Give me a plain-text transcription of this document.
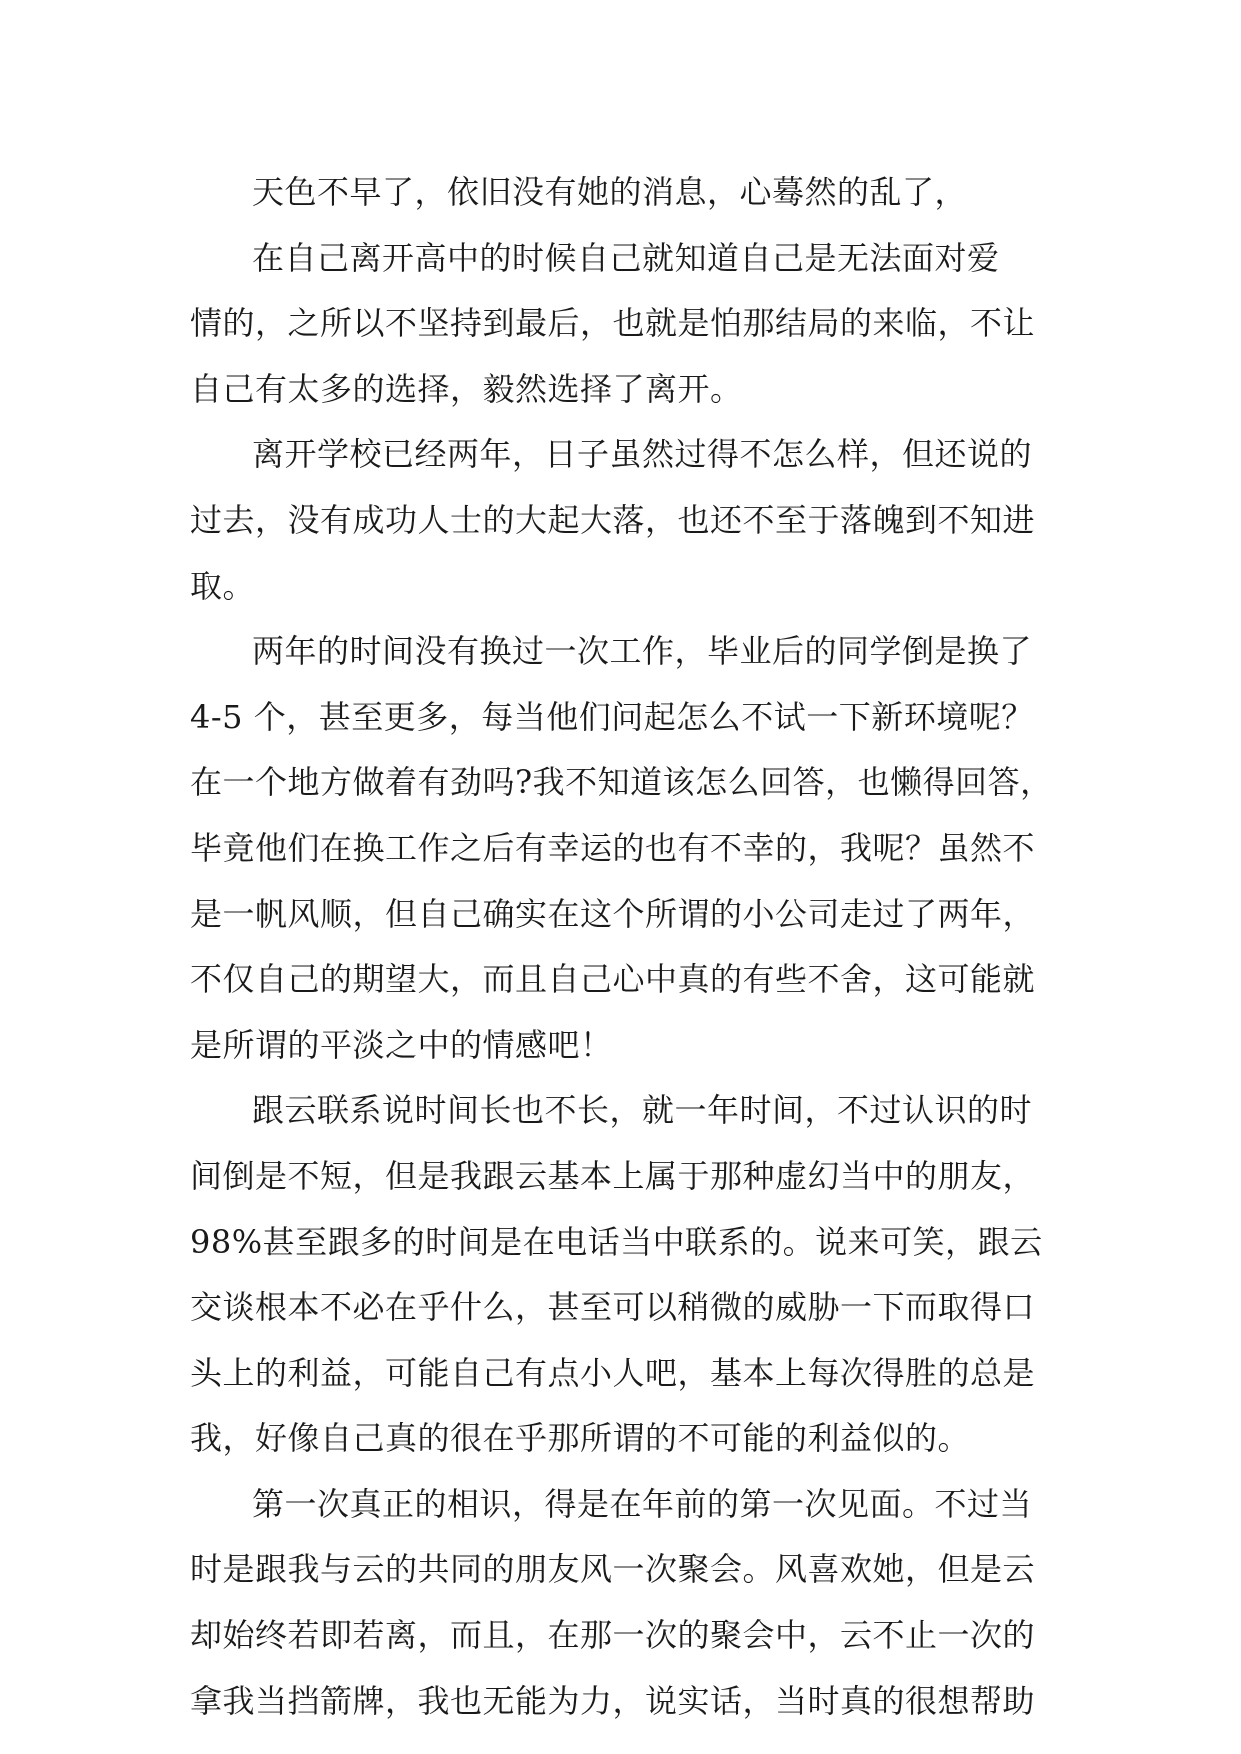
天色不早了，依旧没有她的消息，心蓦然的乱了，

在自己离开高中的时候自己就知道自己是无法面对爱
情的，之所以不坚持到最后，也就是怕那结局的来临，不让
自己有太多的选择，毅然选择了离开。

离开学校已经两年，日子虽然过得不怎么样，但还说的
过去，没有成功人士的大起大落，也还不至于落魄到不知进
取。

两年的时间没有换过一次工作，毕业后的同学倒是换了
4-5 个，甚至更多，每当他们问起怎么不试一下新环境呢？
在一个地方做着有劲吗?我不知道该怎么回答，也懒得回答，
毕竟他们在换工作之后有幸运的也有不幸的，我呢？虽然不
是一帆风顺，但自己确实在这个所谓的小公司走过了两年，
不仅自己的期望大，而且自己心中真的有些不舍，这可能就
是所谓的平淡之中的情感吧！

跟云联系说时间长也不长，就一年时间，不过认识的时
间倒是不短，但是我跟云基本上属于那种虚幻当中的朋友，
98%甚至跟多的时间是在电话当中联系的。说来可笑，跟云
交谈根本不必在乎什么，甚至可以稍微的威胁一下而取得口
头上的利益，可能自己有点小人吧，基本上每次得胜的总是
我，好像自己真的很在乎那所谓的不可能的利益似的。

第一次真正的相识，得是在年前的第一次见面。不过当
时是跟我与云的共同的朋友风一次聚会。风喜欢她，但是云
却始终若即若离，而且，在那一次的聚会中，云不止一次的
拿我当挡箭牌，我也无能为力，说实话，当时真的很想帮助
